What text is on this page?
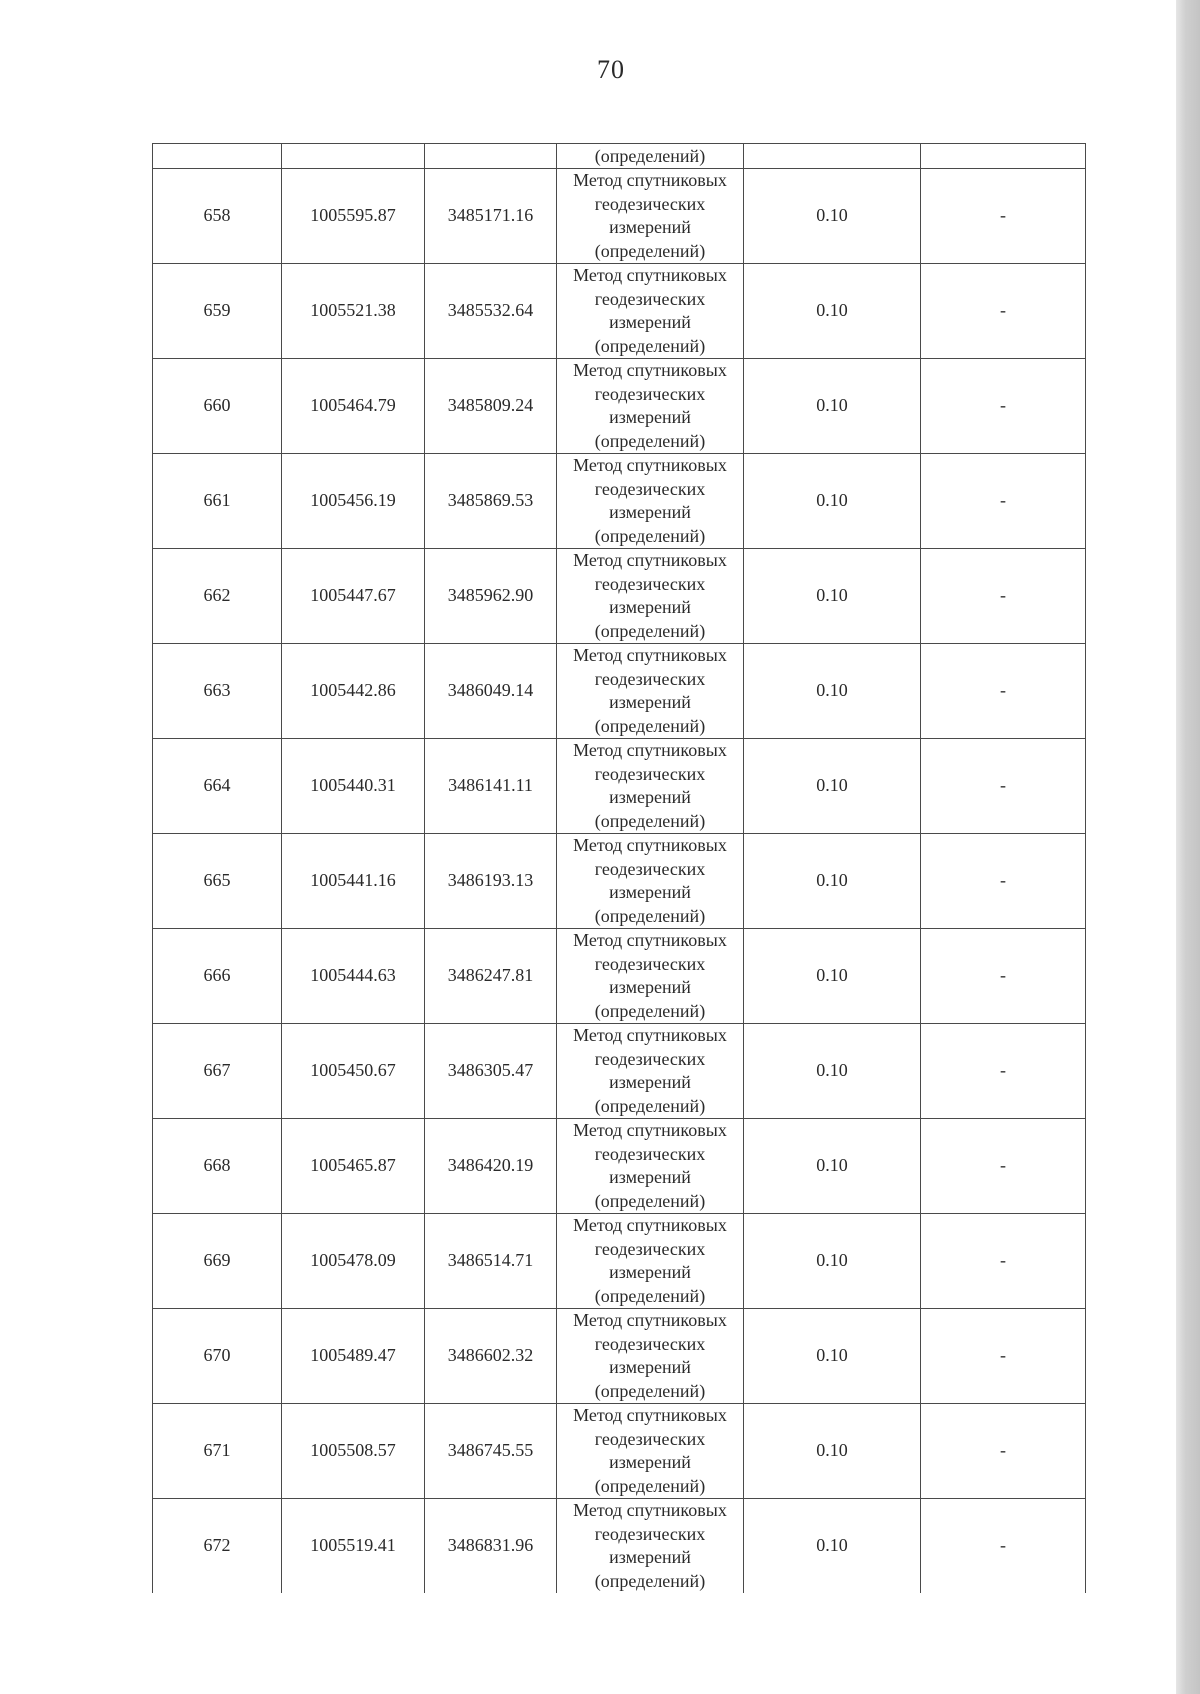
70
			(определений)		
658	1005595.87	3485171.16	Метод спутниковых
геодезических
измерений
(определений)	0.10	-
659	1005521.38	3485532.64	Метод спутниковых
геодезических
измерений
(определений)	0.10	-
660	1005464.79	3485809.24	Метод спутниковых
геодезических
измерений
(определений)	0.10	-
661	1005456.19	3485869.53	Метод спутниковых
геодезических
измерений
(определений)	0.10	-
662	1005447.67	3485962.90	Метод спутниковых
геодезических
измерений
(определений)	0.10	-
663	1005442.86	3486049.14	Метод спутниковых
геодезических
измерений
(определений)	0.10	-
664	1005440.31	3486141.11	Метод спутниковых
геодезических
измерений
(определений)	0.10	-
665	1005441.16	3486193.13	Метод спутниковых
геодезических
измерений
(определений)	0.10	-
666	1005444.63	3486247.81	Метод спутниковых
геодезических
измерений
(определений)	0.10	-
667	1005450.67	3486305.47	Метод спутниковых
геодезических
измерений
(определений)	0.10	-
668	1005465.87	3486420.19	Метод спутниковых
геодезических
измерений
(определений)	0.10	-
669	1005478.09	3486514.71	Метод спутниковых
геодезических
измерений
(определений)	0.10	-
670	1005489.47	3486602.32	Метод спутниковых
геодезических
измерений
(определений)	0.10	-
671	1005508.57	3486745.55	Метод спутниковых
геодезических
измерений
(определений)	0.10	-
672	1005519.41	3486831.96	Метод спутниковых
геодезических
измерений
(определений)	0.10	-
